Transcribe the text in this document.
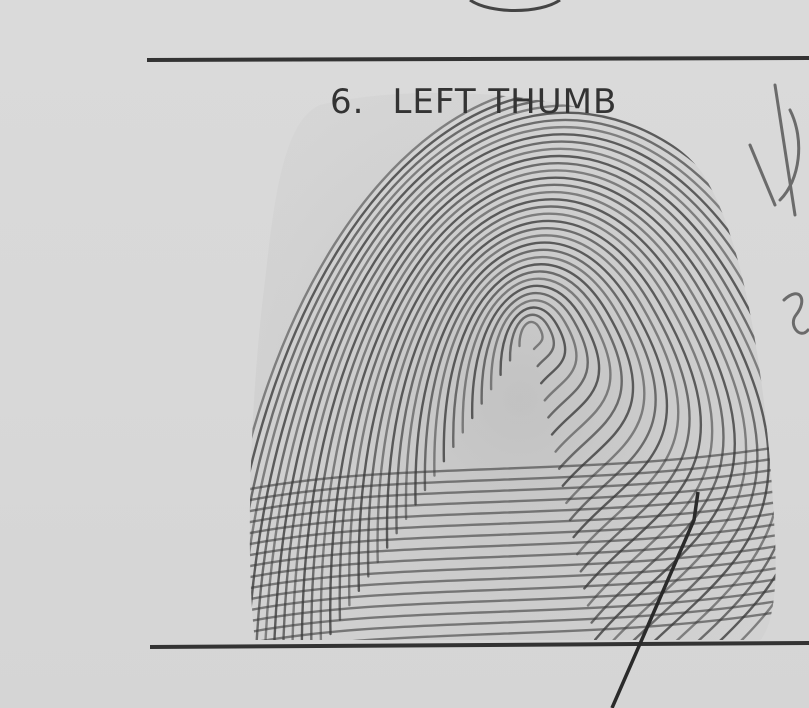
6. LEFT THUMB
